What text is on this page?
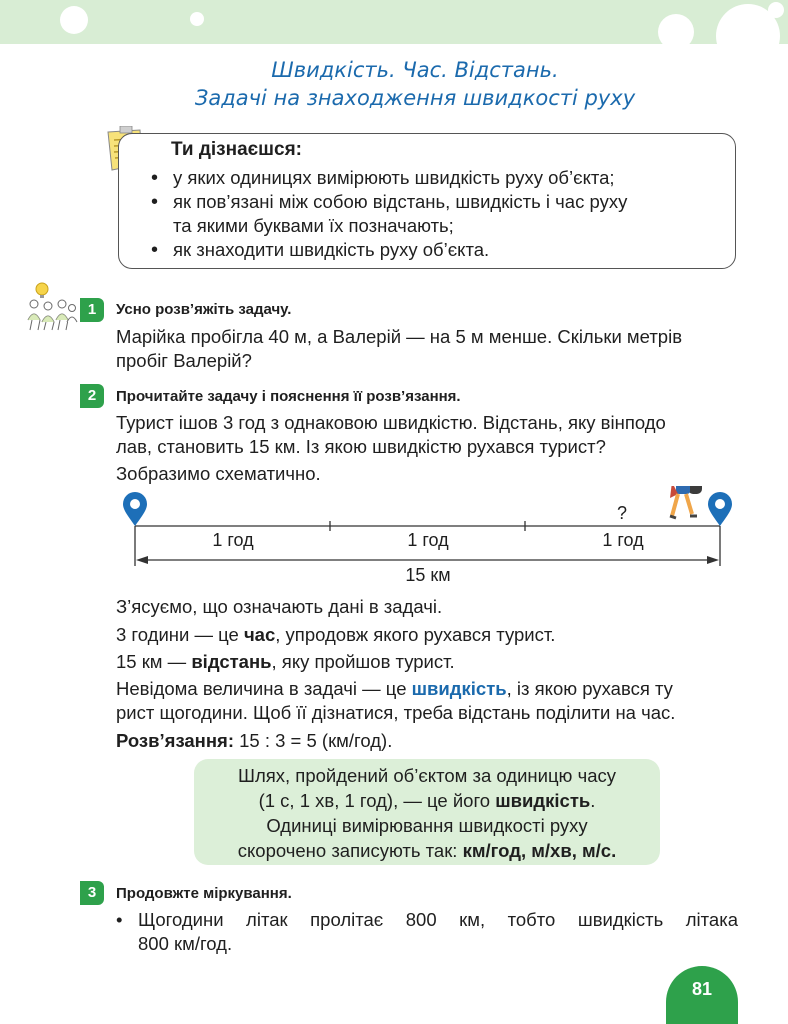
Швидкість. Час. Відстань.
Задачі на знаходження швидкості руху
Ти дізнаєшся:
• у яких одиницях вимірюють швидкість руху об’єкта;
• як пов’язані між собою відстань, швидкість і час руху
та якими буквами їх позначають;
• як знаходити швидкість руху об’єкта.
1	Усно розв’яжіть задачу.
Марійка пробігла 40 м, а Валерій — на 5 м менше. Скільки метрів
пробіг Валерій?
2	Прочитайте задачу і пояснення її розв’язання.
Турист ішов 3 год з однаковою швидкістю. Відстань, яку вінподо
лав, становить 15 км. Із якою швидкістю рухався турист?
Зобразимо схематично.
1 год	1 год	1 год
?
15 км
З’ясуємо, що означають дані в задачі.
3 години — це час, упродовж якого рухався турист.
15 км — відстань, яку пройшов турист.
Невідома величина в задачі — це швидкість, із якою рухався ту
рист щогодини. Щоб її дізнатися, треба відстань поділити на час.
Розв’язання: 15 : 3 = 5 (км/год).
Шлях, пройдений об’єктом за одиницю часу
(1 с, 1 хв, 1 год), — це його швидкість.
Одиниці вимірювання швидкості руху
скорочено записують так: км/год, м/хв, м/с.
3	Продовжте міркування.
• Щогодини літак пролітає 800 км, тобто швидкість літака
800 км/год.
81
